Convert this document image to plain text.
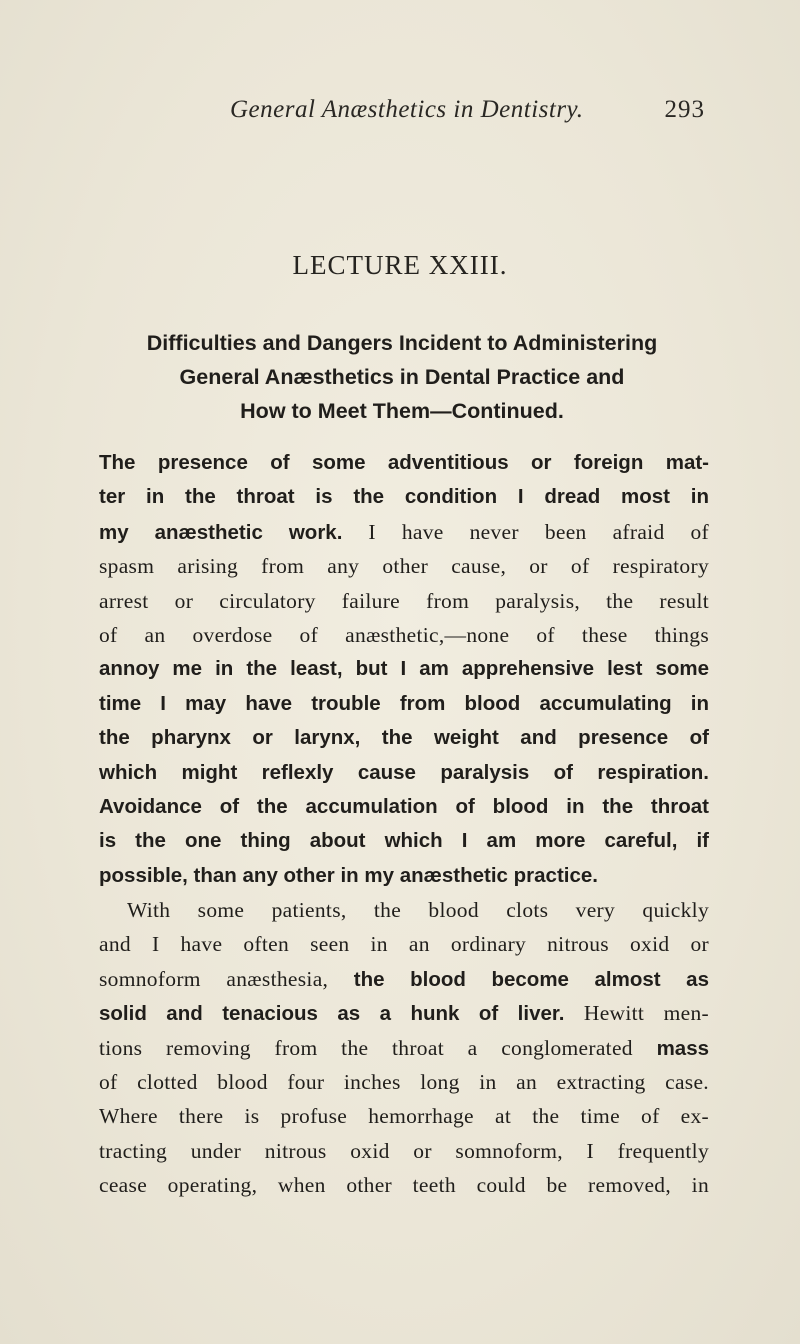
General Anæsthetics in Dentistry.	293
LECTURE XXIII.
Difficulties and Dangers Incident to Administering
General Anæsthetics in Dental Practice and
How to Meet Them—Continued.
The presence of some adventitious or foreign mat-
ter in the throat is the condition I dread most in
my anæsthetic work. I have never been afraid of
spasm arising from any other cause, or of respiratory
arrest or circulatory failure from paralysis, the result
of an overdose of anæsthetic,—none of these things
annoy me in the least, but I am apprehensive lest some
time I may have trouble from blood accumulating in
the pharynx or larynx, the weight and presence of
which might reflexly cause paralysis of respiration.
Avoidance of the accumulation of blood in the throat
is the one thing about which I am more careful, if
possible, than any other in my anæsthetic practice.
With some patients, the blood clots very quickly
and I have often seen in an ordinary nitrous oxid or
somnoform anæsthesia, the blood become almost as
solid and tenacious as a hunk of liver. Hewitt men-
tions removing from the throat a conglomerated mass
of clotted blood four inches long in an extracting case.
Where there is profuse hemorrhage at the time of ex-
tracting under nitrous oxid or somnoform, I frequently
cease operating, when other teeth could be removed, in
